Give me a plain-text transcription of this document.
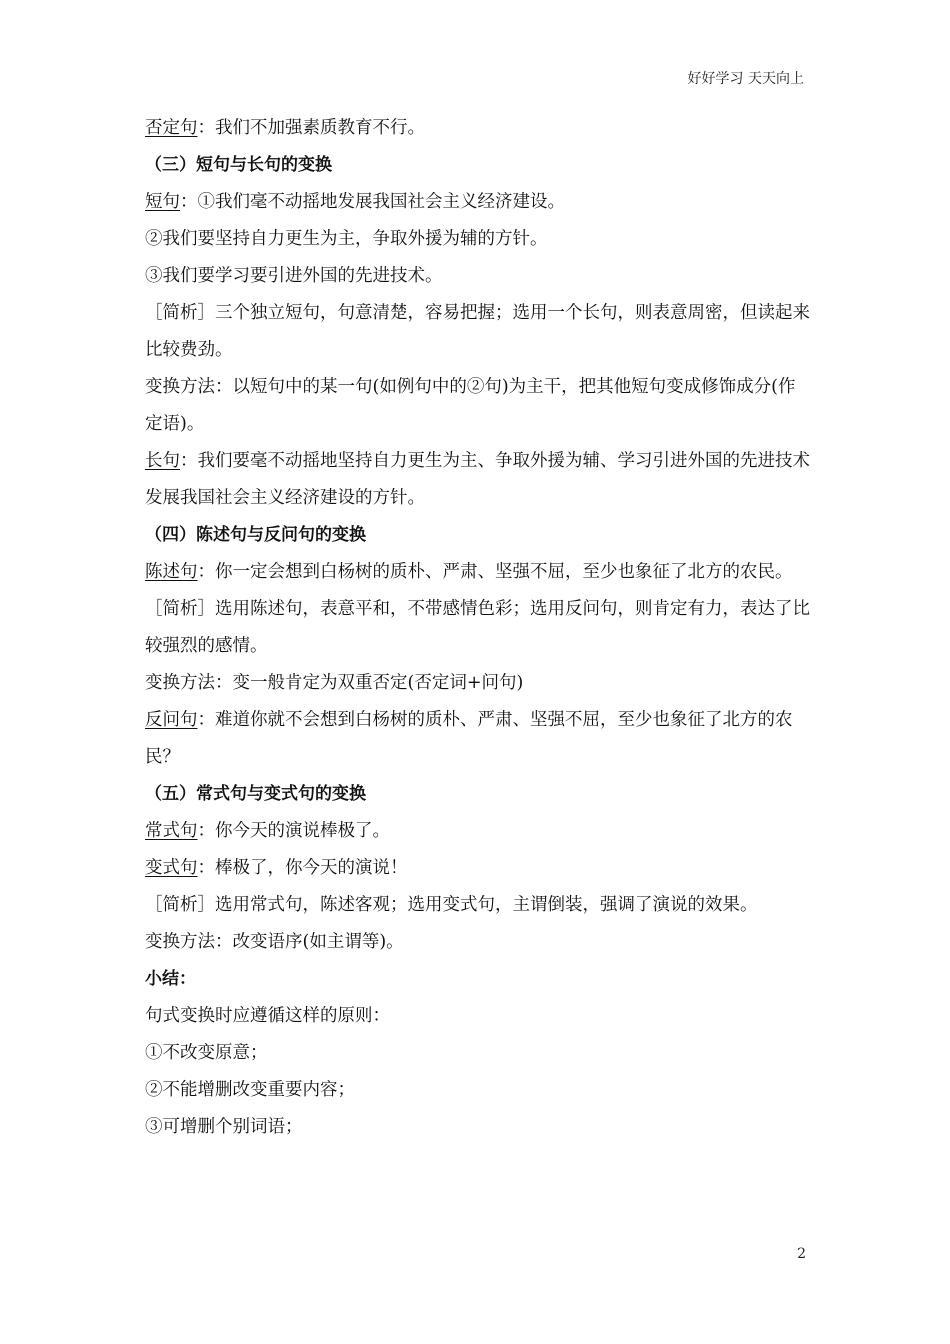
好好学习 天天向上

否定句：我们不加强素质教育不行。

（三）短句与长句的变换

短句：①我们毫不动摇地发展我国社会主义经济建设。

②我们要坚持自力更生为主，争取外援为辅的方针。

③我们要学习要引进外国的先进技术。

［简析］三个独立短句，句意清楚，容易把握；选用一个长句，则表意周密，但读起来比较费劲。

变换方法：以短句中的某一句(如例句中的②句)为主干，把其他短句变成修饰成分(作定语)。

长句：我们要毫不动摇地坚持自力更生为主、争取外援为辅、学习引进外国的先进技术发展我国社会主义经济建设的方针。

（四）陈述句与反问句的变换

陈述句：你一定会想到白杨树的质朴、严肃、坚强不屈，至少也象征了北方的农民。

［简析］选用陈述句，表意平和，不带感情色彩；选用反问句，则肯定有力，表达了比较强烈的感情。

变换方法：变一般肯定为双重否定(否定词+问句)

反问句：难道你就不会想到白杨树的质朴、严肃、坚强不屈，至少也象征了北方的农民？

（五）常式句与变式句的变换

常式句：你今天的演说棒极了。

变式句：棒极了，你今天的演说！

［简析］选用常式句，陈述客观；选用变式句，主谓倒装，强调了演说的效果。

变换方法：改变语序(如主谓等)。

小结：

句式变换时应遵循这样的原则：

①不改变原意；

②不能增删改变重要内容；

③可增删个别词语；

2
